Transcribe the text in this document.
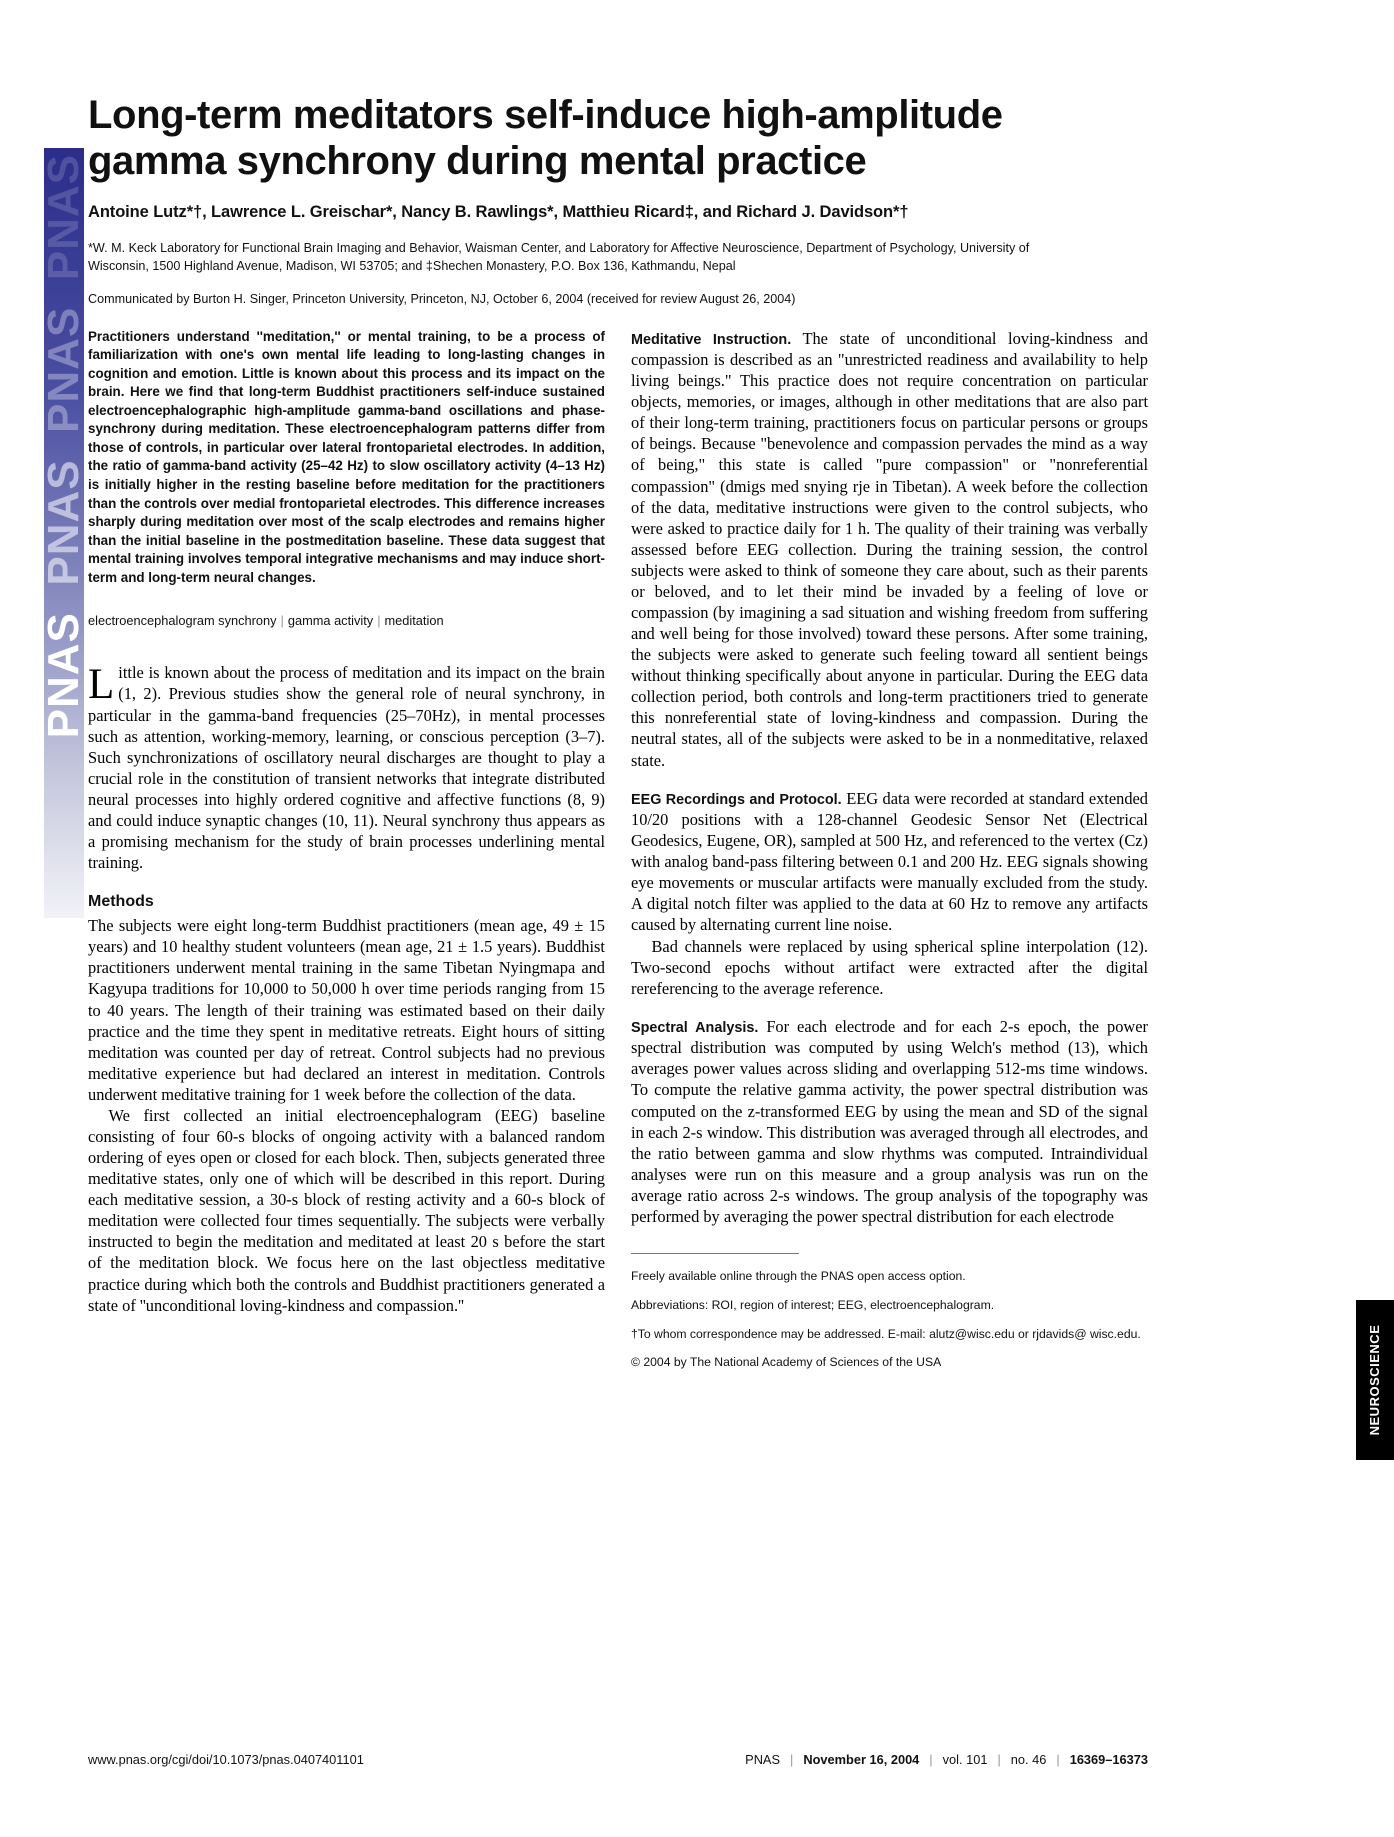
PNAS  PNAS  PNAS  PNAS
NEUROSCIENCE
Long-term meditators self-induce high-amplitude gamma synchrony during mental practice

Antoine Lutz*†, Lawrence L. Greischar*, Nancy B. Rawlings*, Matthieu Ricard‡, and Richard J. Davidson*†

*W. M. Keck Laboratory for Functional Brain Imaging and Behavior, Waisman Center, and Laboratory for Affective Neuroscience, Department of Psychology, University of Wisconsin, 1500 Highland Avenue, Madison, WI 53705; and ‡Shechen Monastery, P.O. Box 136, Kathmandu, Nepal

Communicated by Burton H. Singer, Princeton University, Princeton, NJ, October 6, 2004 (received for review August 26, 2004)

Practitioners understand ''meditation,'' or mental training, to be a process of familiarization with one's own mental life leading to long-lasting changes in cognition and emotion. Little is known about this process and its impact on the brain. Here we find that long-term Buddhist practitioners self-induce sustained electroencephalographic high-amplitude gamma-band oscillations and phase-synchrony during meditation. These electroencephalogram patterns differ from those of controls, in particular over lateral frontoparietal electrodes. In addition, the ratio of gamma-band activity (25–42 Hz) to slow oscillatory activity (4–13 Hz) is initially higher in the resting baseline before meditation for the practitioners than the controls over medial frontoparietal electrodes. This difference increases sharply during meditation over most of the scalp electrodes and remains higher than the initial baseline in the postmeditation baseline. These data suggest that mental training involves temporal integrative mechanisms and may induce short-term and long-term neural changes.

electroencephalogram synchrony | gamma activity | meditation

Little is known about the process of meditation and its impact on the brain (1, 2). Previous studies show the general role of neural synchrony, in particular in the gamma-band frequencies (25–70Hz), in mental processes such as attention, working-memory, learning, or conscious perception (3–7). Such synchronizations of oscillatory neural discharges are thought to play a crucial role in the constitution of transient networks that integrate distributed neural processes into highly ordered cognitive and affective functions (8, 9) and could induce synaptic changes (10, 11). Neural synchrony thus appears as a promising mechanism for the study of brain processes underlining mental training.

Methods

The subjects were eight long-term Buddhist practitioners (mean age, 49 ± 15 years) and 10 healthy student volunteers (mean age, 21 ± 1.5 years). Buddhist practitioners underwent mental training in the same Tibetan Nyingmapa and Kagyupa traditions for 10,000 to 50,000 h over time periods ranging from 15 to 40 years. The length of their training was estimated based on their daily practice and the time they spent in meditative retreats. Eight hours of sitting meditation was counted per day of retreat. Control subjects had no previous meditative experience but had declared an interest in meditation. Controls underwent meditative training for 1 week before the collection of the data.

We first collected an initial electroencephalogram (EEG) baseline consisting of four 60-s blocks of ongoing activity with a balanced random ordering of eyes open or closed for each block. Then, subjects generated three meditative states, only one of which will be described in this report. During each meditative session, a 30-s block of resting activity and a 60-s block of meditation were collected four times sequentially. The subjects were verbally instructed to begin the meditation and meditated at least 20 s before the start of the meditation block. We focus here on the last objectless meditative practice during which both the controls and Buddhist practitioners generated a state of ''unconditional loving-kindness and compassion.''

Meditative Instruction. The state of unconditional loving-kindness and compassion is described as an "unrestricted readiness and availability to help living beings." This practice does not require concentration on particular objects, memories, or images, although in other meditations that are also part of their long-term training, practitioners focus on particular persons or groups of beings. Because "benevolence and compassion pervades the mind as a way of being," this state is called "pure compassion" or "nonreferential compassion" (dmigs med snying rje in Tibetan). A week before the collection of the data, meditative instructions were given to the control subjects, who were asked to practice daily for 1 h. The quality of their training was verbally assessed before EEG collection. During the training session, the control subjects were asked to think of someone they care about, such as their parents or beloved, and to let their mind be invaded by a feeling of love or compassion (by imagining a sad situation and wishing freedom from suffering and well being for those involved) toward these persons. After some training, the subjects were asked to generate such feeling toward all sentient beings without thinking specifically about anyone in particular. During the EEG data collection period, both controls and long-term practitioners tried to generate this nonreferential state of loving-kindness and compassion. During the neutral states, all of the subjects were asked to be in a nonmeditative, relaxed state.

EEG Recordings and Protocol. EEG data were recorded at standard extended 10/20 positions with a 128-channel Geodesic Sensor Net (Electrical Geodesics, Eugene, OR), sampled at 500 Hz, and referenced to the vertex (Cz) with analog band-pass filtering between 0.1 and 200 Hz. EEG signals showing eye movements or muscular artifacts were manually excluded from the study. A digital notch filter was applied to the data at 60 Hz to remove any artifacts caused by alternating current line noise.

Bad channels were replaced by using spherical spline interpolation (12). Two-second epochs without artifact were extracted after the digital rereferencing to the average reference.

Spectral Analysis. For each electrode and for each 2-s epoch, the power spectral distribution was computed by using Welch's method (13), which averages power values across sliding and overlapping 512-ms time windows. To compute the relative gamma activity, the power spectral distribution was computed on the z-transformed EEG by using the mean and SD of the signal in each 2-s window. This distribution was averaged through all electrodes, and the ratio between gamma and slow rhythms was computed. Intraindividual analyses were run on this measure and a group analysis was run on the average ratio across 2-s windows. The group analysis of the topography was performed by averaging the power spectral distribution for each electrode

Freely available online through the PNAS open access option.

Abbreviations: ROI, region of interest; EEG, electroencephalogram.

†To whom correspondence may be addressed. E-mail: alutz@wisc.edu or rjdavids@ wisc.edu.

© 2004 by The National Academy of Sciences of the USA

www.pnas.org/cgi/doi/10.1073/pnas.0407401101	PNAS | November 16, 2004 | vol. 101 | no. 46 | 16369–16373
